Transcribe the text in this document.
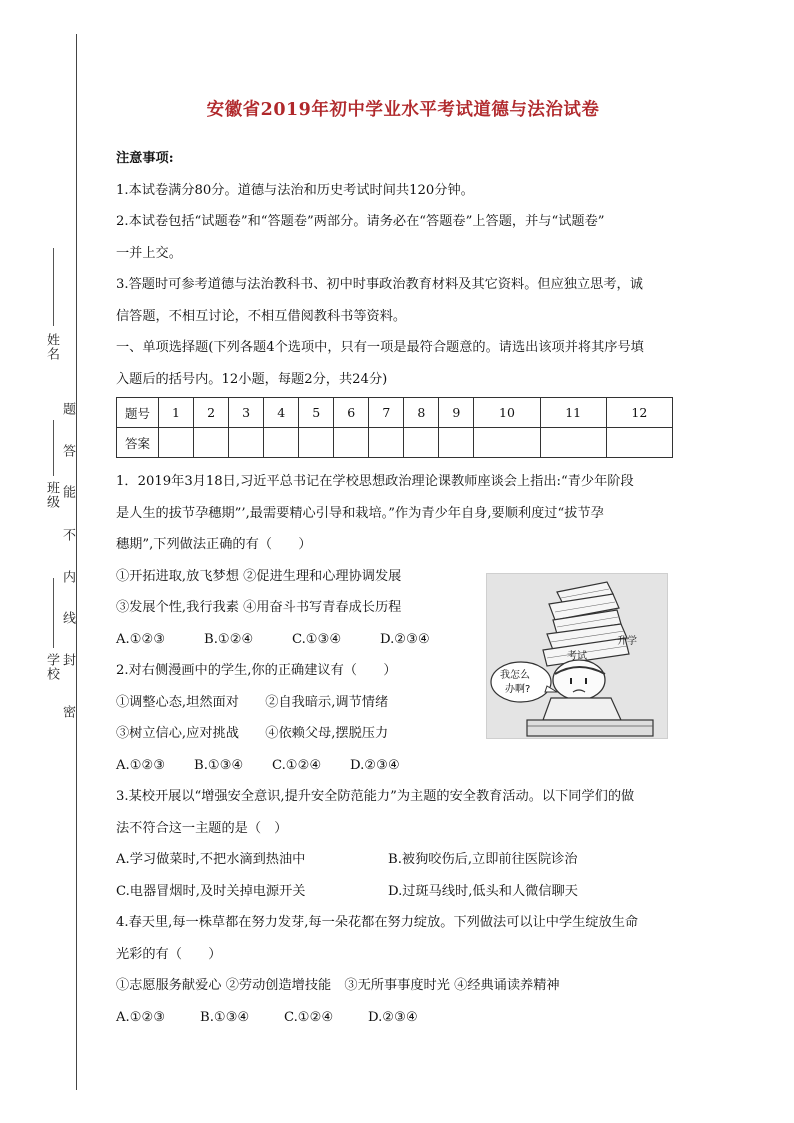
姓名
班级
学校
密
封
线
内
不
能
答
题
安徽省2019年初中学业水平考试道德与法治试卷

注意事项:

1.本试卷满分80分。道德与法治和历史考试时间共120分钟。

2.本试卷包括“试题卷”和“答题卷”两部分。请务必在“答题卷”上答题，并与“试题卷”

一并上交。

3.答题时可参考道德与法治教科书、初中时事政治教育材料及其它资料。但应独立思考，诚

信答题，不相互讨论，不相互借阅教科书等资料。

一、单项选择题(下列各题4个选项中，只有一项是最符合题意的。请选出该项并将其序号填

入题后的括号内。12小题，每题2分，共24分)

题号	1	2	3	4	5	6	7	8	9	10	11	12
答案												

1．2019年3月18日,习近平总书记在学校思想政治理论课教师座谈会上指出:“青少年阶段

是人生的拔节孕穗期”’,最需要精心引导和栽培。”作为青少年自身,要顺利度过“拔节孕

穗期”,下列做法正确的有（　　）

①开拓进取,放飞梦想 ②促进生理和心理协调发展

③发展个性,我行我素 ④用奋斗书写青春成长历程

A.①②③	B.①②④	C.①③④	D.②③④

2.对右侧漫画中的学生,你的正确建议有（　　）

①调整心态,坦然面对　　②自我暗示,调节情绪

③树立信心,应对挑战　　④依赖父母,摆脱压力

A.①②③ B.①③④ C.①②④ D.②③④

3.某校开展以“增强安全意识,提升安全防范能力”为主题的安全教育活动。以下同学们的做

法不符合这一主题的是（　）

A.学习做菜时,不把水滴到热油中	B.被狗咬伤后,立即前往医院诊治

C.电器冒烟时,及时关掉电源开关	D.过斑马线时,低头和人微信聊天

4.春天里,每一株草都在努力发芽,每一朵花都在努力绽放。下列做法可以让中学生绽放生命

光彩的有（　　）

①志愿服务献爱心 ②劳动创造增技能　③无所事事度时光 ④经典诵读养精神

A.①②③	B.①③④	C.①②④	D.②③④

我怎么
办啊?
考试
升学
